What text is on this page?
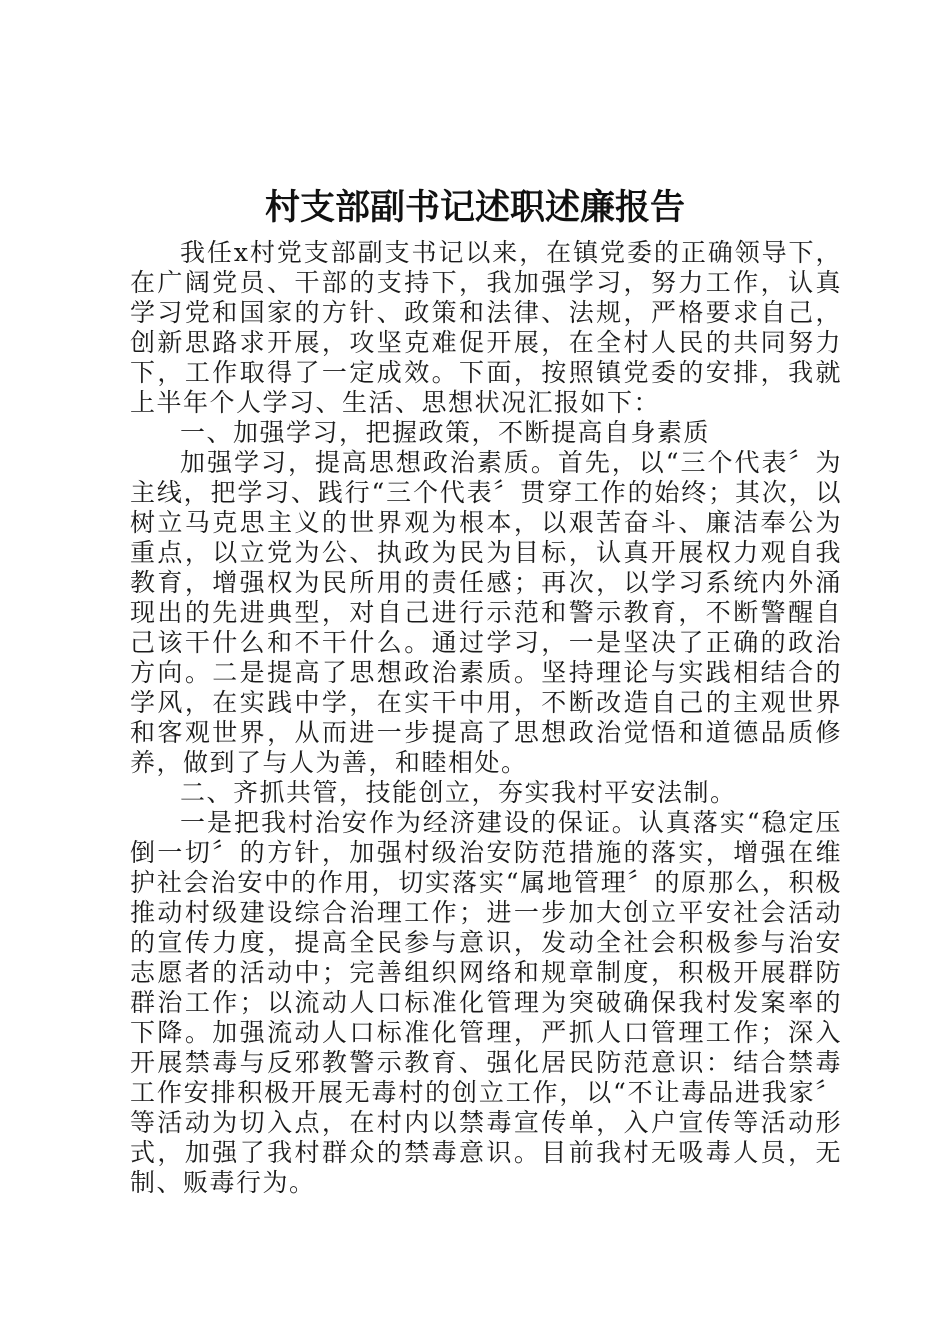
村支部副书记述职述廉报告

我任x村党支部副支书记以来，在镇党委的正确领导下，在广阔党员、干部的支持下，我加强学习，努力工作，认真学习党和国家的方针、政策和法律、法规，严格要求自己，创新思路求开展，攻坚克难促开展，在全村人民的共同努力下，工作取得了一定成效。下面，按照镇党委的安排，我就上半年个人学习、生活、思想状况汇报如下：

一、加强学习，把握政策，不断提高自身素质

加强学习，提高思想政治素质。首先，以“三个代表〞为主线，把学习、践行“三个代表〞贯穿工作的始终；其次，以树立马克思主义的世界观为根本，以艰苦奋斗、廉洁奉公为重点，以立党为公、执政为民为目标，认真开展权力观自我教育，增强权为民所用的责任感；再次，以学习系统内外涌现出的先进典型，对自己进行示范和警示教育，不断警醒自己该干什么和不干什么。通过学习，一是坚决了正确的政治方向。二是提高了思想政治素质。坚持理论与实践相结合的学风，在实践中学，在实干中用，不断改造自己的主观世界和客观世界，从而进一步提高了思想政治觉悟和道德品质修养，做到了与人为善，和睦相处。

二、齐抓共管，技能创立，夯实我村平安法制。

一是把我村治安作为经济建设的保证。认真落实“稳定压倒一切〞的方针，加强村级治安防范措施的落实，增强在维护社会治安中的作用，切实落实“属地管理〞的原那么，积极推动村级建设综合治理工作；进一步加大创立平安社会活动的宣传力度，提高全民参与意识，发动全社会积极参与治安志愿者的活动中；完善组织网络和规章制度，积极开展群防群治工作；以流动人口标准化管理为突破确保我村发案率的下降。加强流动人口标准化管理，严抓人口管理工作；深入开展禁毒与反邪教警示教育、强化居民防范意识：结合禁毒工作安排积极开展无毒村的创立工作，以“不让毒品进我家〞等活动为切入点，在村内以禁毒宣传单，入户宣传等活动形式，加强了我村群众的禁毒意识。目前我村无吸毒人员，无制、贩毒行为。
